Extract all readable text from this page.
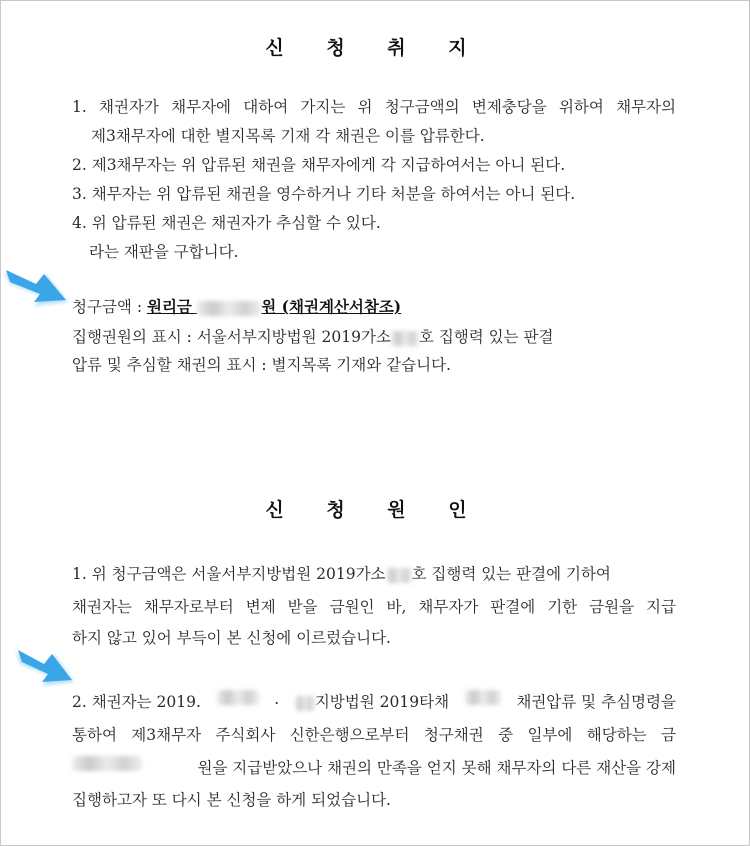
신 청 취 지
1. 채권자가 채무자에 대하여 가지는 위 청구금액의 변제충당을 위하여 채무자의
제3채무자에 대한 별지목록 기재 각 채권은 이를 압류한다.
2. 제3채무자는 위 압류된 채권을 채무자에게 각 지급하여서는 아니 된다.
3. 채무자는 위 압류된 채권을 영수하거나 기타 처분을 하여서는 아니 된다.
4. 위 압류된 채권은 채권자가 추심할 수 있다.
라는 재판을 구합니다.
청구금액 : 원리금	원 (채권계산서참조)
집행권원의 표시 : 서울서부지방법원 2019가소 호 집행력 있는 판결
압류 및 추심할 채권의 표시 : 별지목록 기재와 같습니다.
신 청 원 인
1. 위 청구금액은 서울서부지방법원 2019가소 호 집행력 있는 판결에 기하여
채권자는 채무자로부터 변제 받을 금원인 바, 채무자가 판결에 기한 금원을 지급
하지 않고 있어 부득이 본 신청에 이르렀습니다.
2. 채권자는 2019.	.	지방법원 2019타채	채권압류 및 추심명령을
통하여 제3채무자 주식회사 신한은행으로부터 청구채권 중 일부에 해당하는 금
원을 지급받았으나 채권의 만족을 얻지 못해 채무자의 다른 재산을 강제
집행하고자 또 다시 본 신청을 하게 되었습니다.
